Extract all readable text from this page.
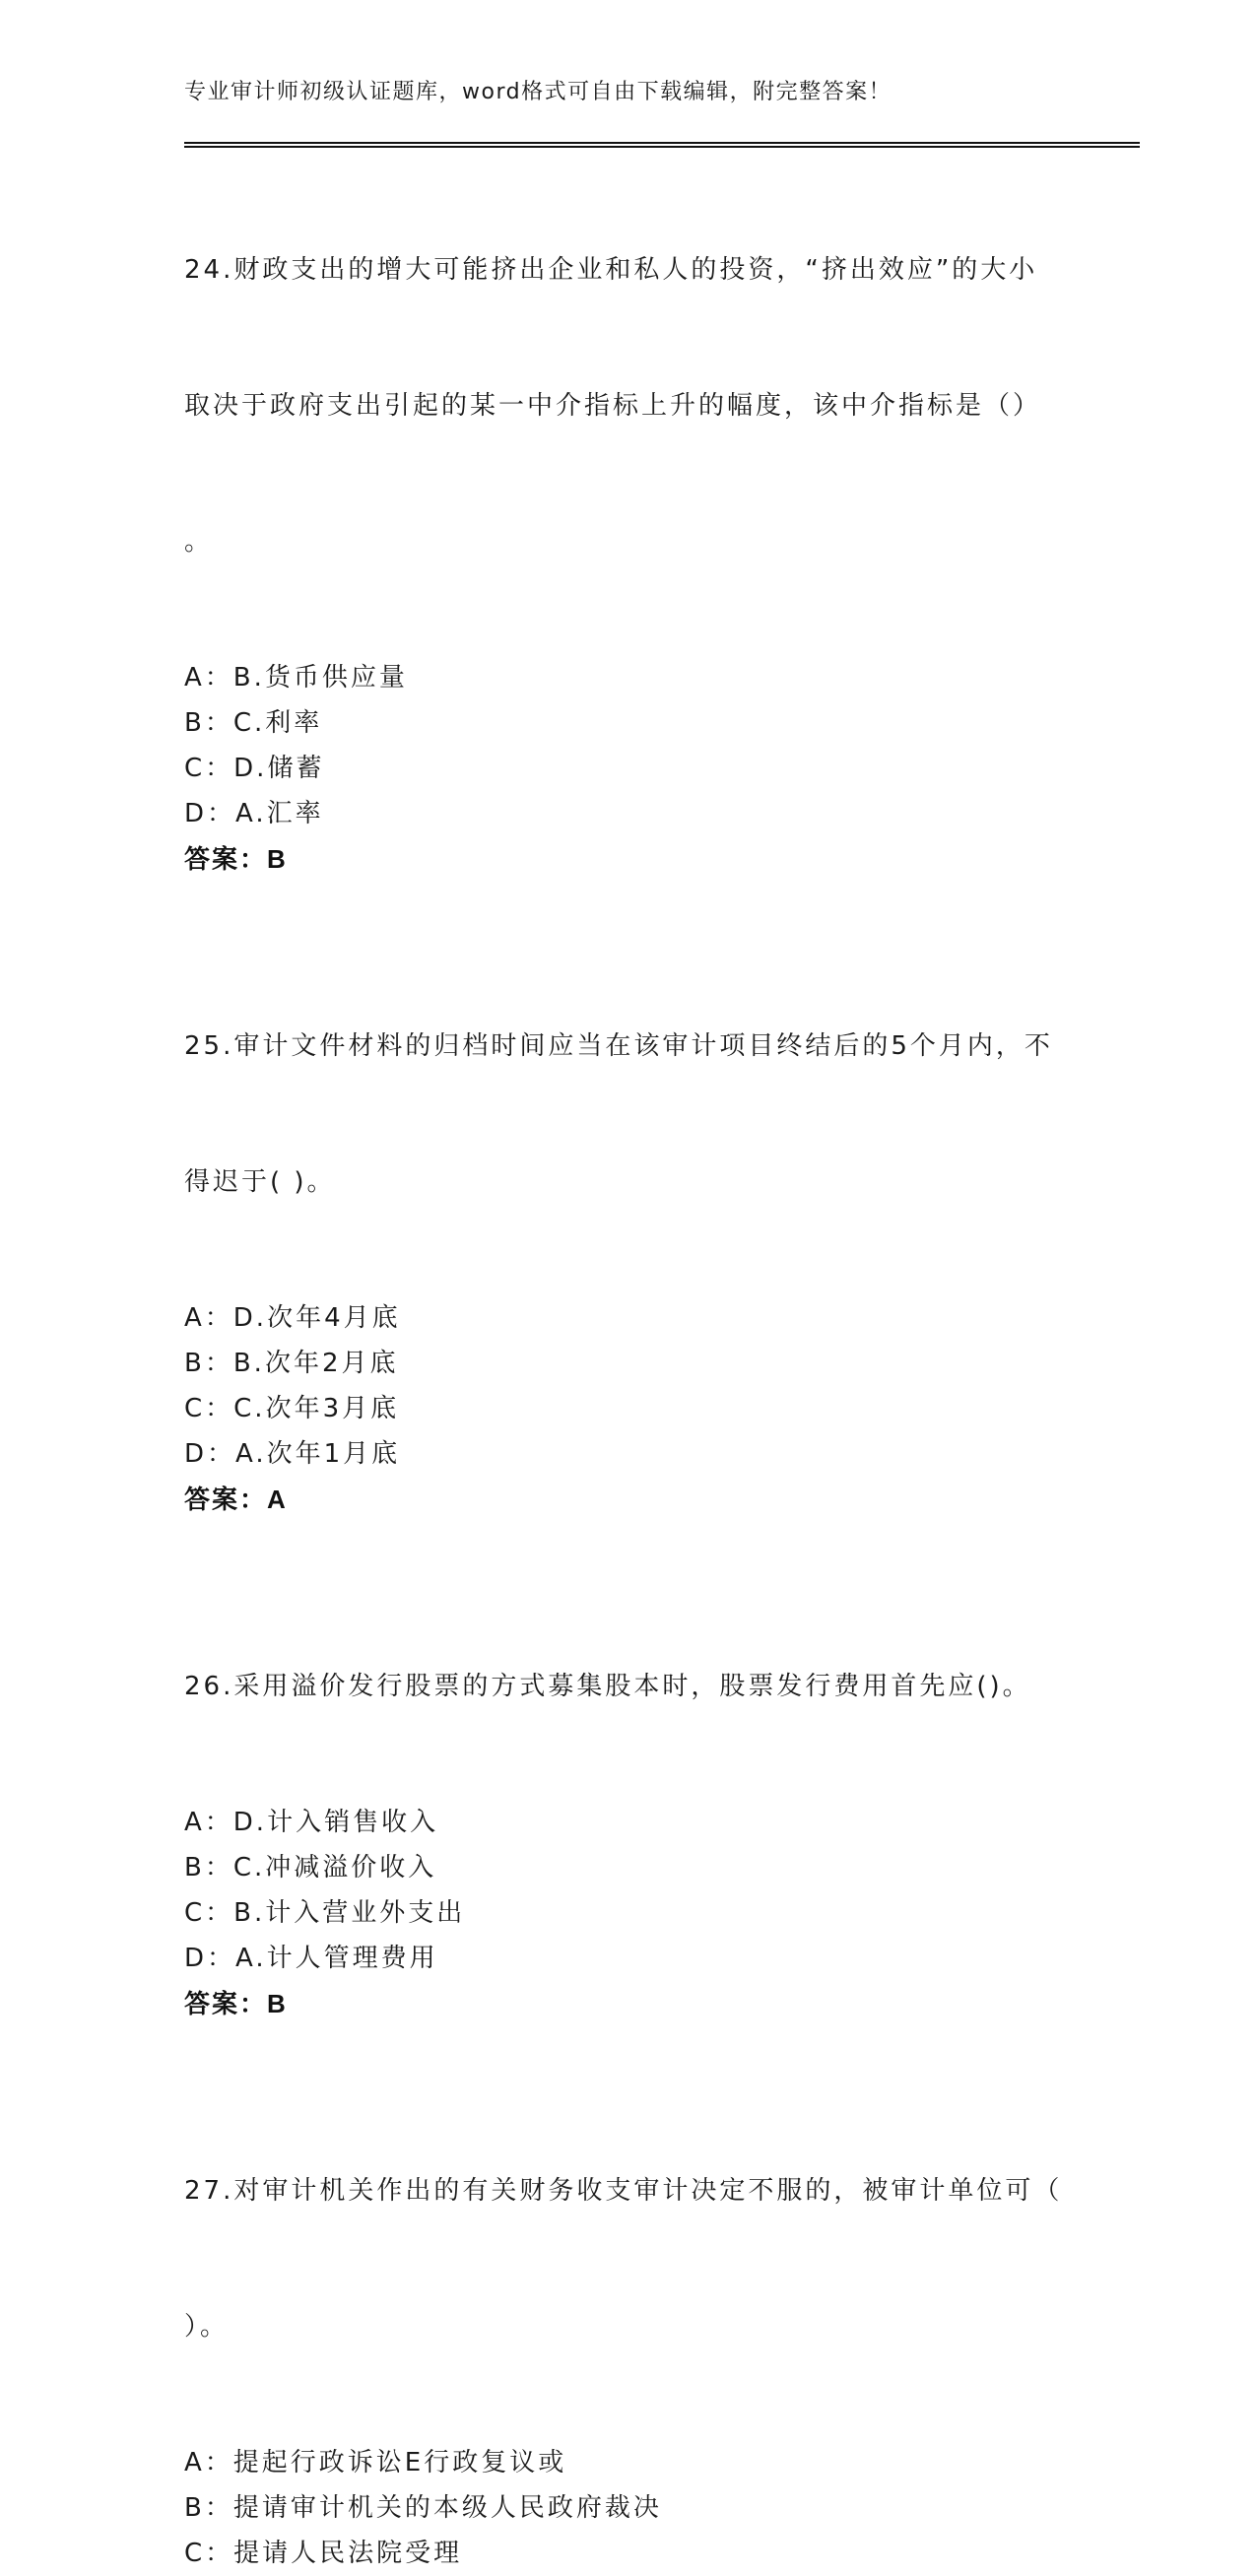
专业审计师初级认证题库，word格式可自由下载编辑，附完整答案！

24.财政支出的增大可能挤出企业和私人的投资，“挤出效应”的大小

取决于政府支出引起的某一中介指标上升的幅度，该中介指标是（）

。

A：B.货币供应量
B：C.利率
C：D.储蓄
D：A.汇率
答案：B

25.审计文件材料的归档时间应当在该审计项目终结后的5个月内，不

得迟于( )。

A：D.次年4月底
B：B.次年2月底
C：C.次年3月底
D：A.次年1月底
答案：A

26.采用溢价发行股票的方式募集股本时，股票发行费用首先应()。

A：D.计入销售收入
B：C.冲减溢价收入
C：B.计入营业外支出
D：A.计人管理费用
答案：B

27.对审计机关作出的有关财务收支审计决定不服的，被审计单位可（

）。

A：提起行政诉讼E行政复议或
B：提请审计机关的本级人民政府裁决
C：提请人民法院受理
